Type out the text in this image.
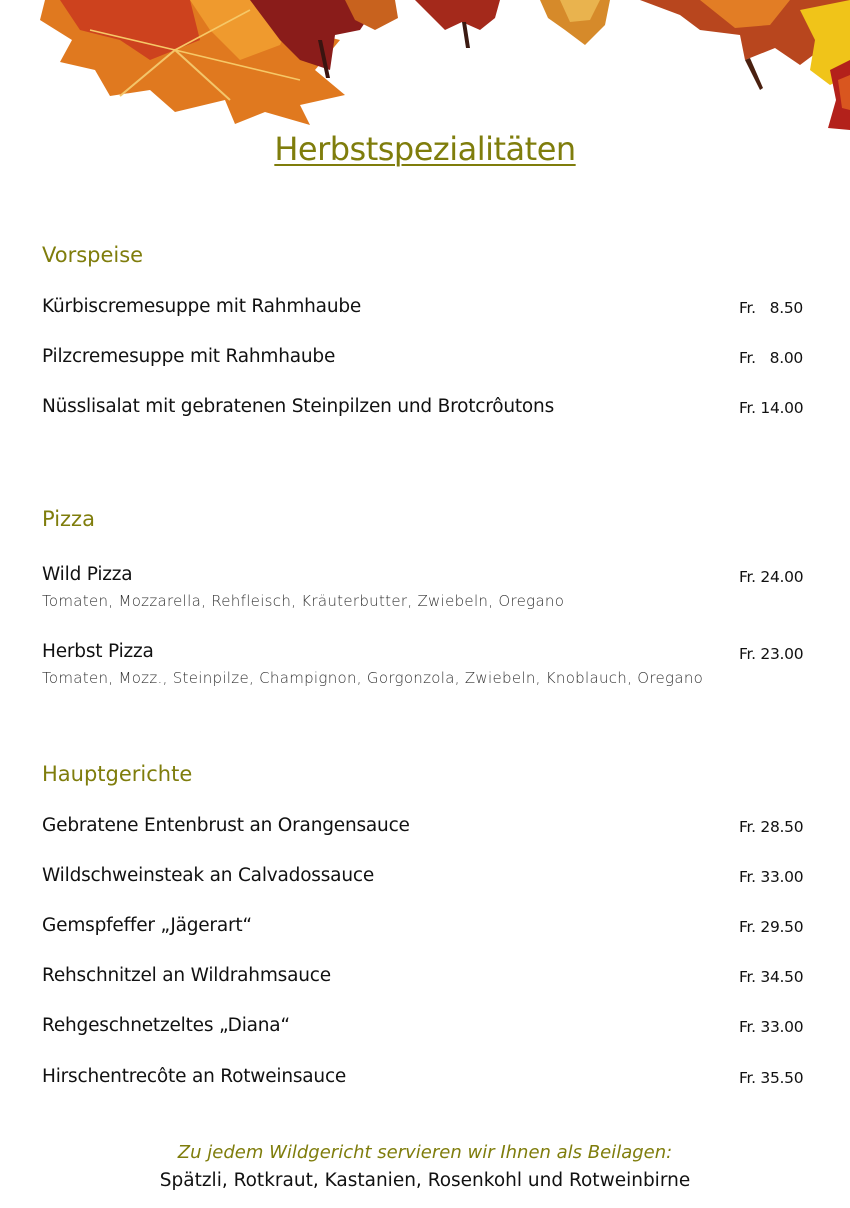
Herbstspezialitäten
Vorspeise
Kürbiscremesuppe mit Rahmhaube	Fr.   8.50
Pilzcremesuppe mit Rahmhaube	Fr.   8.00
Nüsslisalat mit gebratenen Steinpilzen und Brotcrôutons	Fr. 14.00
Pizza
Wild Pizza	Fr. 24.00
Tomaten, Mozzarella, Rehfleisch, Kräuterbutter, Zwiebeln, Oregano
Herbst Pizza	Fr. 23.00
Tomaten, Mozz., Steinpilze, Champignon, Gorgonzola, Zwiebeln, Knoblauch, Oregano
Hauptgerichte
Gebratene Entenbrust an Orangensauce	Fr. 28.50
Wildschweinsteak an Calvadossauce	Fr. 33.00
Gemspfeffer „Jägerart“	Fr. 29.50
Rehschnitzel an Wildrahmsauce	Fr. 34.50
Rehgeschnetzeltes „Diana“	Fr. 33.00
Hirschentrecôte an Rotweinsauce	Fr. 35.50
Zu jedem Wildgericht servieren wir Ihnen als Beilagen:
Spätzli, Rotkraut, Kastanien, Rosenkohl und Rotweinbirne
